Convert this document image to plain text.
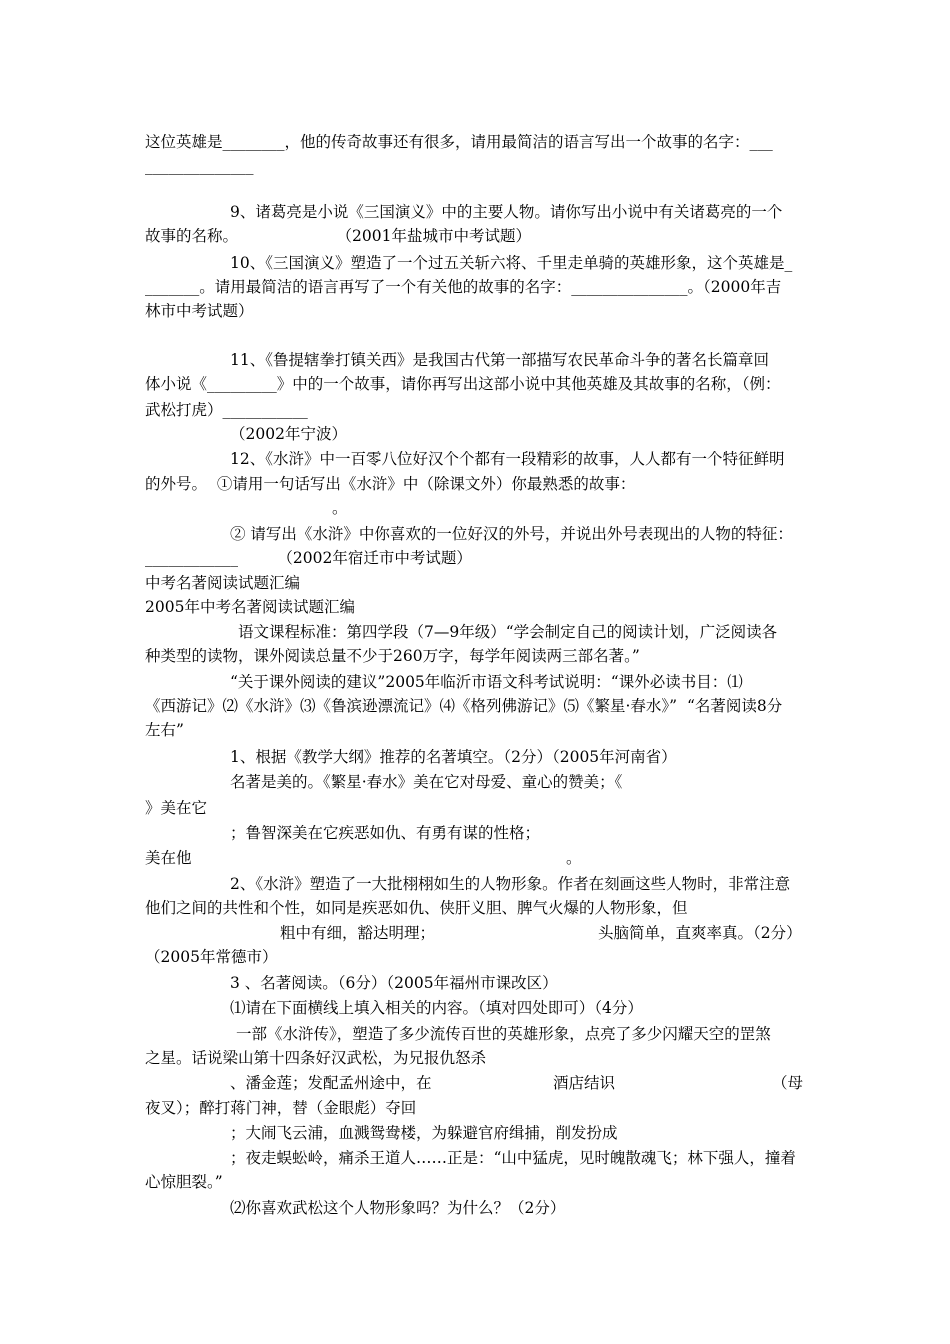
这位英雄是________，他的传奇故事还有很多，请用最简洁的语言写出一个故事的名字：___
______________
9、诸葛亮是小说《三国演义》中的主要人物。请你写出小说中有关诸葛亮的一个
故事的名称。                    （2001年盐城市中考试题）
10、《三国演义》塑造了一个过五关斩六将、千里走单骑的英雄形象，这个英雄是_
_______。请用最简洁的语言再写了一个有关他的故事的名字：_______________。（2000年吉
林市中考试题）
11、《鲁提辖拳打镇关西》是我国古代第一部描写农民革命斗争的著名长篇章回
体小说《_________》中的一个故事，请你再写出这部小说中其他英雄及其故事的名称，（例：
武松打虎）___________
（2002年宁波）
12、《水浒》中一百零八位好汉个个都有一段精彩的故事，人人都有一个特征鲜明
的外号。  ①请用一句话写出《水浒》中（除课文外）你最熟悉的故事：
。
② 请写出《水浒》中你喜欢的一位好汉的外号，并说出外号表现出的人物的特征：
____________        （2002年宿迁市中考试题）
中考名著阅读试题汇编
2005年中考名著阅读试题汇编
语文课程标准：第四学段（7—9年级）“学会制定自己的阅读计划，广泛阅读各
种类型的读物，课外阅读总量不少于260万字，每学年阅读两三部名著。”
“关于课外阅读的建议”2005年临沂市语文科考试说明：“课外必读书目：⑴
《西游记》⑵《水浒》⑶《鲁滨逊漂流记》⑷《格列佛游记》⑸《繁星·春水》”  “名著阅读8分
左右”
1、根据《教学大纲》推荐的名著填空。（2分）（2005年河南省）
名著是美的。《繁星·春水》美在它对母爱、童心的赞美；《
》美在它
；鲁智深美在它疾恶如仇、有勇有谋的性格；
美在他	。
2、《水浒》塑造了一大批栩栩如生的人物形象。作者在刻画这些人物时，非常注意
他们之间的共性和个性，如同是疾恶如仇、侠肝义胆、脾气火爆的人物形象，但
粗中有细，豁达明理；	头脑简单，直爽率真。（2分）
（2005年常德市）
3 、名著阅读。（6分）（2005年福州市课改区）
⑴请在下面横线上填入相关的内容。（填对四处即可）（4分）
一部《水浒传》，塑造了多少流传百世的英雄形象，点亮了多少闪耀天空的罡煞
之星。话说梁山第十四条好汉武松，为兄报仇怒杀
、潘金莲；发配孟州途中，在	酒店结识	（母
夜叉）；醉打蒋门神，替（金眼彪）夺回
；大闹飞云浦，血溅鸳鸯楼，为躲避官府缉捕，削发扮成
；夜走蜈蚣岭，痛杀王道人……正是：“山中猛虎，见时魄散魂飞；林下强人，撞着
心惊胆裂。”
⑵你喜欢武松这个人物形象吗？为什么？（2分）
